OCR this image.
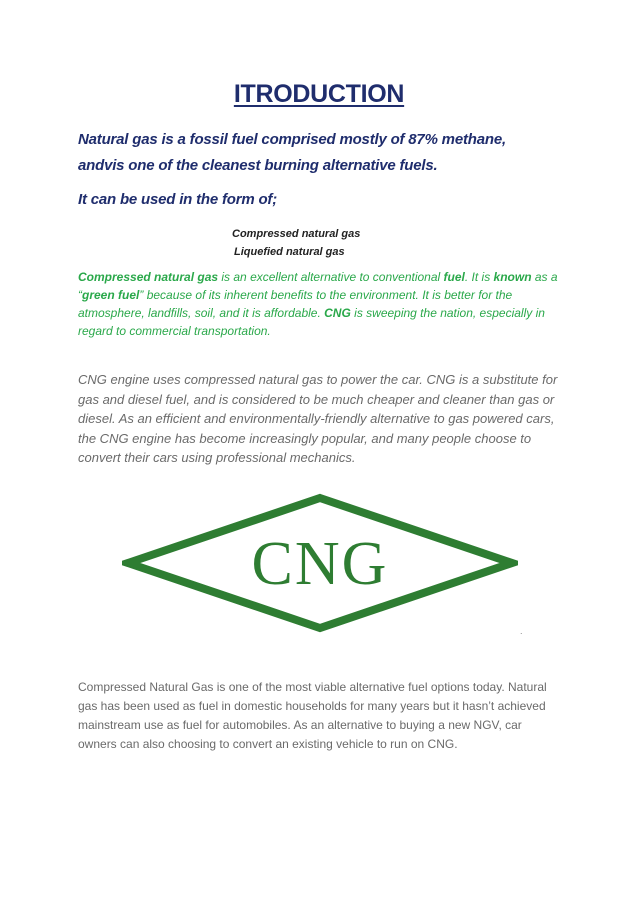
ITRODUCTION
Natural gas is a fossil fuel comprised mostly of 87% methane,
andvis one of the cleanest burning alternative fuels.
It can be used in the form of;
Compressed natural gas
Liquefied natural gas

Compressed natural gas is an excellent alternative to conventional fuel. It is known as a “green fuel” because of its inherent benefits to the environment. It is better for the atmosphere, landfills, soil, and it is affordable. CNG is sweeping the nation, especially in regard to commercial transportation.

CNG engine uses compressed natural gas to power the car. CNG is a substitute for gas and diesel fuel, and is considered to be much cheaper and cleaner than gas or diesel. As an efficient and environmentally-friendly alternative to gas powered cars, the CNG engine has become increasingly popular, and many people choose to convert their cars using professional mechanics.

CNG
.

Compressed Natural Gas is one of the most viable alternative fuel options today. Natural gas has been used as fuel in domestic households for many years but it hasn’t achieved mainstream use as fuel for automobiles. As an alternative to buying a new NGV, car owners can also choosing to convert an existing vehicle to run on CNG.
